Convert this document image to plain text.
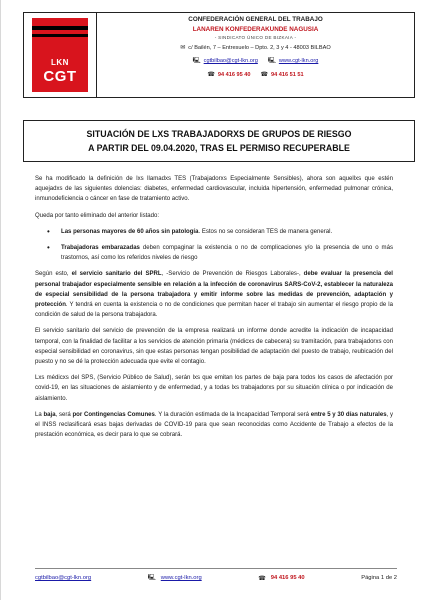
LKN
CGT
CONFEDERACIÓN GENERAL DEL TRABAJO
LANAREN KONFEDERAKUNDE NAGUSIA
- SINDICATO ÚNICO DE BIZKAIA -
✉ c/ Bailén, 7 – Entresuelo – Dpto. 2, 3 y 4 - 48003 BILBAO
🖳 cgtbilbao@cgt-lkn.org 🖳 www.cgt-lkn.org
☎ 94 416 95 40 ☎ 94 416 51 51
SITUACIÓN DE LXS TRABAJADORXS DE GRUPOS DE RIESGO
A PARTIR DEL 09.04.2020, TRAS EL PERMISO RECUPERABLE

Se ha modificado la definición de lxs llamadxs TES (Trabajadorxs Especialmente Sensibles), ahora son aquellxs que estén aquejadxs de las siguientes dolencias: diabetes, enfermedad cardiovascular, incluida hipertensión, enfermedad pulmonar crónica, inmunodeficiencia o cáncer en fase de tratamiento activo.

Queda por tanto eliminado del anterior listado:

• Las personas mayores de 60 años sin patología. Estos no se consideran TES de manera general.
• Trabajadoras embarazadas deben compaginar la existencia o no de complicaciones y/o la presencia de uno o más trastornos, así como los referidos niveles de riesgo

Según esto, el servicio sanitario del SPRL, -Servicio de Prevención de Riesgos Laborales-, debe evaluar la presencia del personal trabajador especialmente sensible en relación a la infección de coronavirus SARS-CoV-2, establecer la naturaleza de especial sensibilidad de la persona trabajadora y emitir informe sobre las medidas de prevención, adaptación y protección. Y tendrá en cuenta la existencia o no de condiciones que permitan hacer el trabajo sin aumentar el riesgo propio de la condición de salud de la persona trabajadora.

El servicio sanitario del servicio de prevención de la empresa realizará un informe donde acredite la indicación de incapacidad temporal, con la finalidad de facilitar a los servicios de atención primaria (médicxs de cabecera) su tramitación, para trabajadorxs con especial sensibilidad en coronavirus, sin que estas personas tengan posibilidad de adaptación del puesto de trabajo, reubicación del puesto y no se dé la protección adecuada que evite el contagio.

Lxs médicxs del SPS, (Servicio Público de Salud), serán lxs que emitan los partes de baja para todos los casos de afectación por covid-19, en las situaciones de aislamiento y de enfermedad, y a todas lxs trabajadorxs por su situación clínica o por indicación de aislamiento.

La baja, será por Contingencias Comunes. Y la duración estimada de la Incapacidad Temporal será entre 5 y 30 días naturales, y el INSS reclasificará esas bajas derivadas de COVID-19 para que sean reconocidas como Accidente de Trabajo a efectos de la prestación económica, es decir para lo que se cobrará.

cgtbilbao@cgt-lkn.org	🖳 www.cgt-lkn.org	☎ 94 416 95 40	Página 1 de 2
